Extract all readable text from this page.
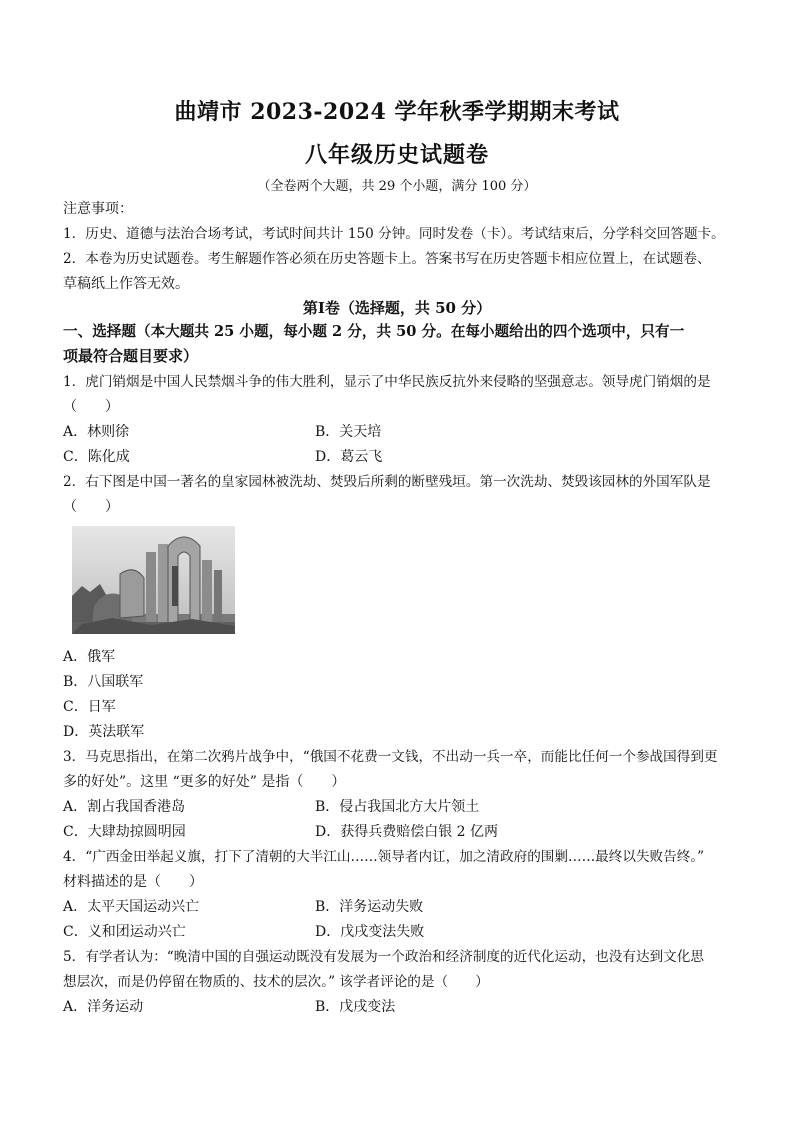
曲靖市 2023-2024 学年秋季学期期末考试
八年级历史试题卷
（全卷两个大题，共 29 个小题，满分 100 分）
注意事项：
1．历史、道德与法治合场考试，考试时间共计 150 分钟。同时发卷（卡）。考试结束后，分学科交回答题卡。
2．本卷为历史试题卷。考生解题作答必须在历史答题卡上。答案书写在历史答题卡相应位置上，在试题卷、
草稿纸上作答无效。
第Ⅰ卷（选择题，共 50 分）
一、选择题（本大题共 25 小题，每小题 2 分，共 50 分。在每小题给出的四个选项中，只有一
项最符合题目要求）
1．虎门销烟是中国人民禁烟斗争的伟大胜利，显示了中华民族反抗外来侵略的坚强意志。领导虎门销烟的是
（　　）
A．林则徐	B．关天培
C．陈化成	D．葛云飞
2．右下图是中国一著名的皇家园林被洗劫、焚毁后所剩的断壁残垣。第一次洗劫、焚毁该园林的外国军队是
（　　）
A．俄军
B．八国联军
C．日军
D．英法联军
3．马克思指出，在第二次鸦片战争中，“俄国不花费一文钱，不出动一兵一卒，而能比任何一个参战国得到更
多的好处”。这里 “更多的好处” 是指（　　）
A．割占我国香港岛	B．侵占我国北方大片领土
C．大肆劫掠圆明园	D．获得兵费赔偿白银 2 亿两
4．“广西金田举起义旗，打下了清朝的大半江山……领导者内讧，加之清政府的围剿……最终以失败告终。”
材料描述的是（　　）
A．太平天国运动兴亡	B．洋务运动失败
C．义和团运动兴亡	D．戊戌变法失败
5．有学者认为：“晚清中国的自强运动既没有发展为一个政治和经济制度的近代化运动，也没有达到文化思
想层次，而是仍停留在物质的、技术的层次。” 该学者评论的是（　　）
A．洋务运动	B．戊戌变法
